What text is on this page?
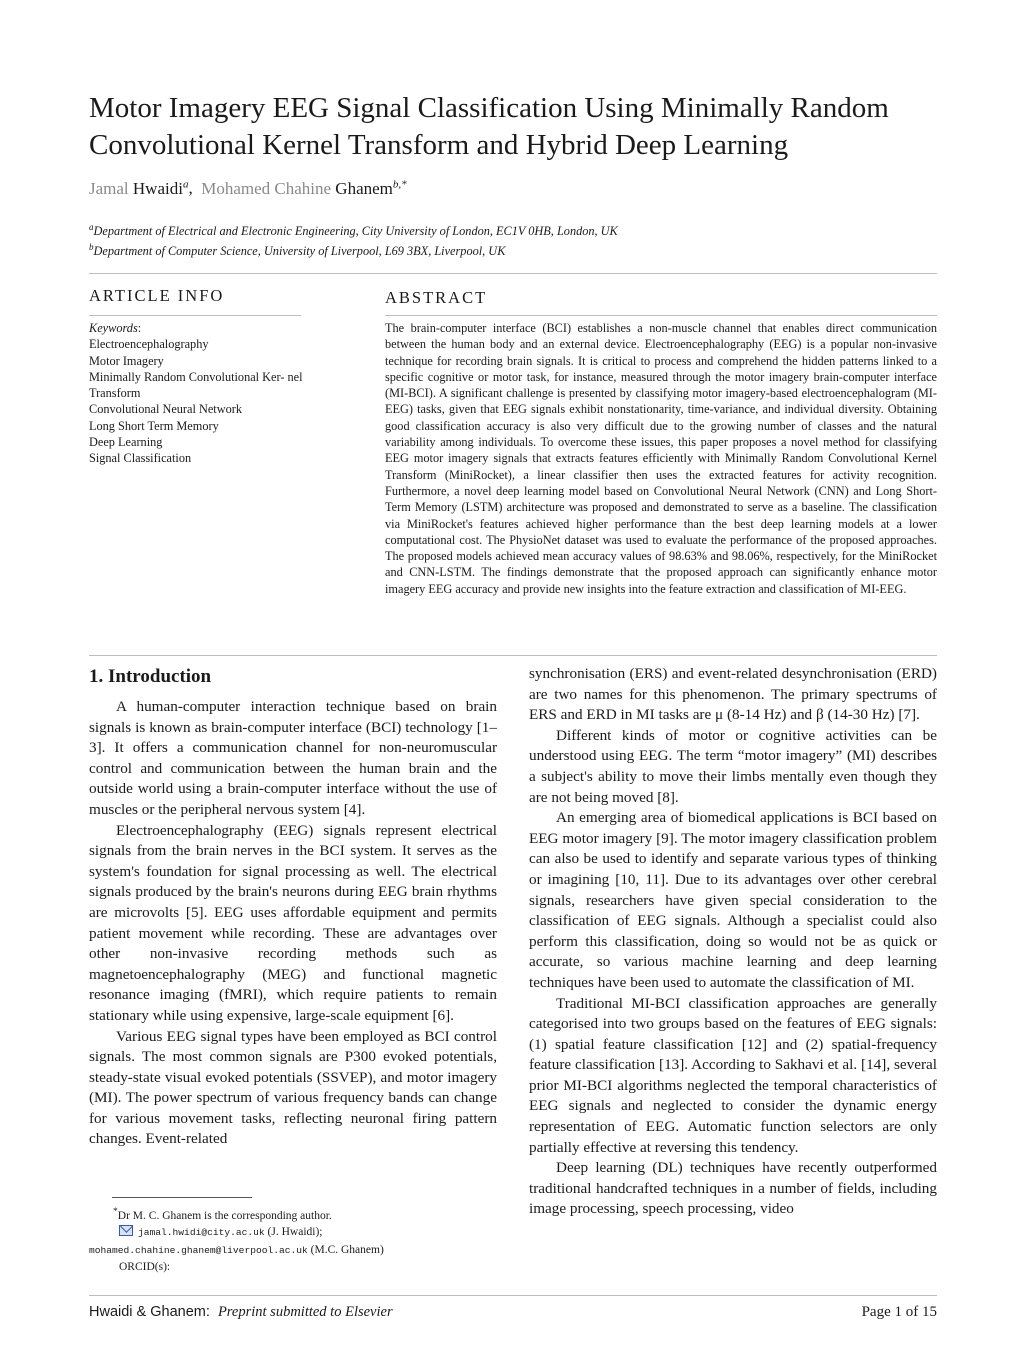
Motor Imagery EEG Signal Classification Using Minimally Random Convolutional Kernel Transform and Hybrid Deep Learning
Jamal Hwaidi$^a$,  Mohamed Chahine Ghanem$^{b,*}$
$^a$Department of Electrical and Electronic Engineering, City University of London, EC1V 0HB, London, UK
$^b$Department of Computer Science, University of Liverpool, L69 3BX, Liverpool, UK
ARTICLE INFO
Keywords:
Electroencephalography
Motor Imagery
Minimally Random Convolutional Ker- nel Transform
Convolutional Neural Network
Long Short Term Memory
Deep Learning
Signal Classification
ABSTRACT

The brain-computer interface (BCI) establishes a non-muscle channel that enables direct communication between the human body and an external device. Electroencephalography (EEG) is a popular non-invasive technique for recording brain signals. It is critical to process and comprehend the hidden patterns linked to a specific cognitive or motor task, for instance, measured through the motor imagery brain-computer interface (MI-BCI). A significant challenge is presented by classifying motor imagery-based electroencephalogram (MI-EEG) tasks, given that EEG signals exhibit nonstationarity, time-variance, and individual diversity. Obtaining good classification accuracy is also very difficult due to the growing number of classes and the natural variability among individuals. To overcome these issues, this paper proposes a novel method for classifying EEG motor imagery signals that extracts features efficiently with Minimally Random Convolutional Kernel Transform (MiniRocket), a linear classifier then uses the extracted features for activity recognition. Furthermore, a novel deep learning model based on Convolutional Neural Network (CNN) and Long Short-Term Memory (LSTM) architecture was proposed and demonstrated to serve as a baseline. The classification via MiniRocket's features achieved higher performance than the best deep learning models at a lower computational cost. The PhysioNet dataset was used to evaluate the performance of the proposed approaches. The proposed models achieved mean accuracy values of 98.63% and 98.06%, respectively, for the MiniRocket and CNN-LSTM. The findings demonstrate that the proposed approach can significantly enhance motor imagery EEG accuracy and provide new insights into the feature extraction and classification of MI-EEG.

1. Introduction

A human-computer interaction technique based on brain signals is known as brain-computer interface (BCI) technology [1–3]. It offers a communication channel for non-neuromuscular control and communication between the human brain and the outside world using a brain-computer interface without the use of muscles or the peripheral nervous system [4].

Electroencephalography (EEG) signals represent electrical signals from the brain nerves in the BCI system. It serves as the system's foundation for signal processing as well. The electrical signals produced by the brain's neurons during EEG brain rhythms are microvolts [5]. EEG uses affordable equipment and permits patient movement while recording. These are advantages over other non-invasive recording methods such as magnetoencephalography (MEG) and functional magnetic resonance imaging (fMRI), which require patients to remain stationary while using expensive, large-scale equipment [6].

Various EEG signal types have been employed as BCI control signals. The most common signals are P300 evoked potentials, steady-state visual evoked potentials (SSVEP), and motor imagery (MI). The power spectrum of various frequency bands can change for various movement tasks, reflecting neuronal firing pattern changes. Event-related

*Dr M. C. Ghanem is the corresponding author.
jamal.hwidi@city.ac.uk (J. Hwaidi);
mohamed.chahine.ghanem@liverpool.ac.uk (M.C. Ghanem)
ORCID(s):

synchronisation (ERS) and event-related desynchronisation (ERD) are two names for this phenomenon. The primary spectrums of ERS and ERD in MI tasks are μ (8-14 Hz) and β (14-30 Hz) [7].

Different kinds of motor or cognitive activities can be understood using EEG. The term “motor imagery” (MI) describes a subject's ability to move their limbs mentally even though they are not being moved [8].

An emerging area of biomedical applications is BCI based on EEG motor imagery [9]. The motor imagery classification problem can also be used to identify and separate various types of thinking or imagining [10, 11]. Due to its advantages over other cerebral signals, researchers have given special consideration to the classification of EEG signals. Although a specialist could also perform this classification, doing so would not be as quick or accurate, so various machine learning and deep learning techniques have been used to automate the classification of MI.

Traditional MI-BCI classification approaches are generally categorised into two groups based on the features of EEG signals: (1) spatial feature classification [12] and (2) spatial-frequency feature classification [13]. According to Sakhavi et al. [14], several prior MI-BCI algorithms neglected the temporal characteristics of EEG signals and neglected to consider the dynamic energy representation of EEG. Automatic function selectors are only partially effective at reversing this tendency.

Deep learning (DL) techniques have recently outperformed traditional handcrafted techniques in a number of fields, including image processing, speech processing, video

Hwaidi & Ghanem: Preprint submitted to Elsevier	Page 1 of 15
